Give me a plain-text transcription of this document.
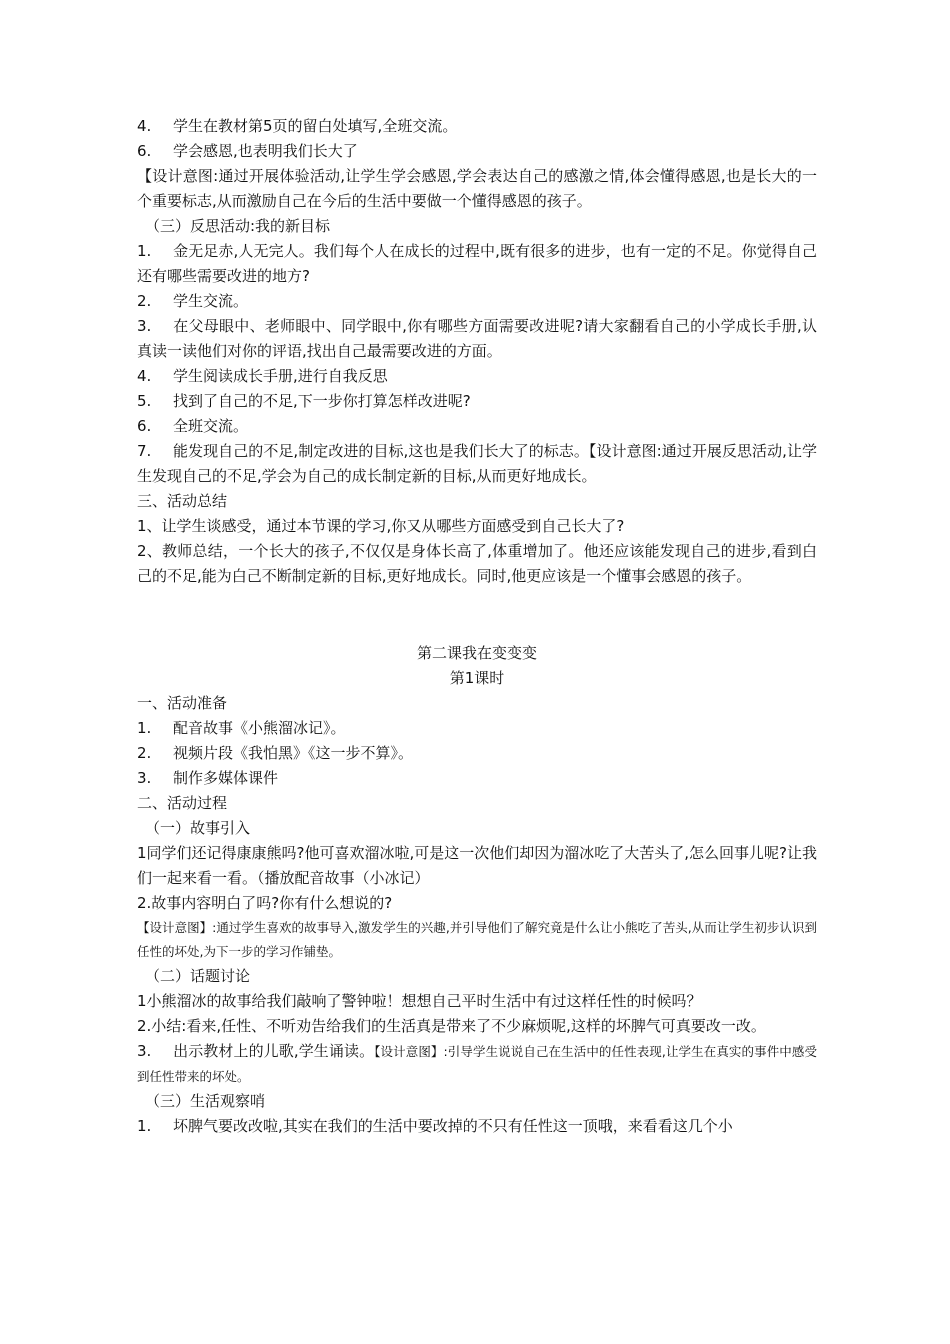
4. 学生在教材第5页的留白处填写,全班交流。

6. 学会感恩,也表明我们长大了

【设计意图:通过开展体验活动,让学生学会感恩,学会表达自己的感激之情,体会懂得感恩,也是长大的一个重要标志,从而激励自己在今后的生活中要做一个懂得感恩的孩子。

（三）反思活动:我的新目标

1. 金无足赤,人无完人。我们每个人在成长的过程中,既有很多的进步，也有一定的不足。你觉得自己还有哪些需要改进的地方?

2. 学生交流。

3. 在父母眼中、老师眼中、同学眼中,你有哪些方面需要改进呢?请大家翻看自己的小学成长手册,认真读一读他们对你的评语,找出自己最需要改进的方面。

4. 学生阅读成长手册,进行自我反思

5. 找到了自己的不足,下一步你打算怎样改进呢?

6. 全班交流。

7. 能发现自己的不足,制定改进的目标,这也是我们长大了的标志。【设计意图:通过开展反思活动,让学生发现自己的不足,学会为自己的成长制定新的目标,从而更好地成长。

三、活动总结

1、让学生谈感受，通过本节课的学习,你又从哪些方面感受到自己长大了?

2、教师总结，一个长大的孩子,不仅仅是身体长高了,体重增加了。他还应该能发现自己的进步,看到白己的不足,能为白己不断制定新的目标,更好地成长。同时,他更应该是一个懂事会感恩的孩子。

第二课我在变变变

第1课时

一、活动准备

1. 配音故事《小熊溜冰记》。

2. 视频片段《我怕黑》《这一步不算》。

3. 制作多媒体课件

二、活动过程

（一）故事引入

1同学们还记得康康熊吗?他可喜欢溜冰啦,可是这一次他们却因为溜冰吃了大苦头了,怎么回事儿呢?让我们一起来看一看。（播放配音故事（小冰记）

2.故事内容明白了吗?你有什么想说的?

【设计意图】:通过学生喜欢的故事导入,激发学生的兴趣,并引导他们了解究竟是什么让小熊吃了苦头,从而让学生初步认识到任性的坏处,为下一步的学习作铺垫。

（二）话题讨论

1小熊溜冰的故事给我们敲响了警钟啦！想想自己平时生活中有过这样任性的时候吗？

2.小结:看来,任性、不听劝告给我们的生活真是带来了不少麻烦呢,这样的坏脾气可真要改一改。

3. 出示教材上的儿歌,学生诵读。【设计意图】:引导学生说说自己在生活中的任性表现,让学生在真实的事件中感受到任性带来的坏处。

（三）生活观察哨

1. 坏脾气要改改啦,其实在我们的生活中要改掉的不只有任性这一顶哦，来看看这几个小
